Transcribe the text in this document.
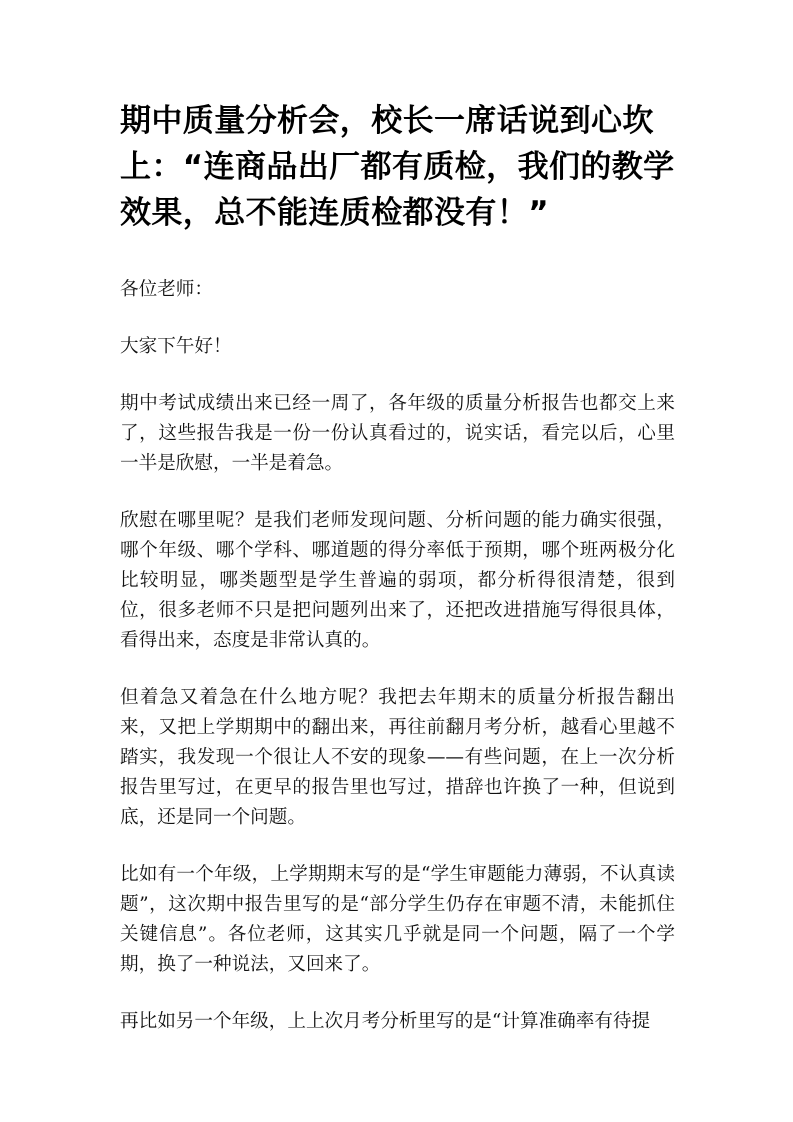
期中质量分析会，校长一席话说到心坎上：“连商品出厂都有质检，我们的教学效果，总不能连质检都没有！”

各位老师：

大家下午好！

期中考试成绩出来已经一周了，各年级的质量分析报告也都交上来了，这些报告我是一份一份认真看过的，说实话，看完以后，心里一半是欣慰，一半是着急。

欣慰在哪里呢？是我们老师发现问题、分析问题的能力确实很强，哪个年级、哪个学科、哪道题的得分率低于预期，哪个班两极分化比较明显，哪类题型是学生普遍的弱项，都分析得很清楚，很到位，很多老师不只是把问题列出来了，还把改进措施写得很具体，看得出来，态度是非常认真的。

但着急又着急在什么地方呢？我把去年期末的质量分析报告翻出来，又把上学期期中的翻出来，再往前翻月考分析，越看心里越不踏实，我发现一个很让人不安的现象——有些问题，在上一次分析报告里写过，在更早的报告里也写过，措辞也许换了一种，但说到底，还是同一个问题。

比如有一个年级，上学期期末写的是“学生审题能力薄弱，不认真读题”，这次期中报告里写的是“部分学生仍存在审题不清，未能抓住关键信息”。各位老师，这其实几乎就是同一个问题，隔了一个学期，换了一种说法，又回来了。

再比如另一个年级，上上次月考分析里写的是“计算准确率有待提
